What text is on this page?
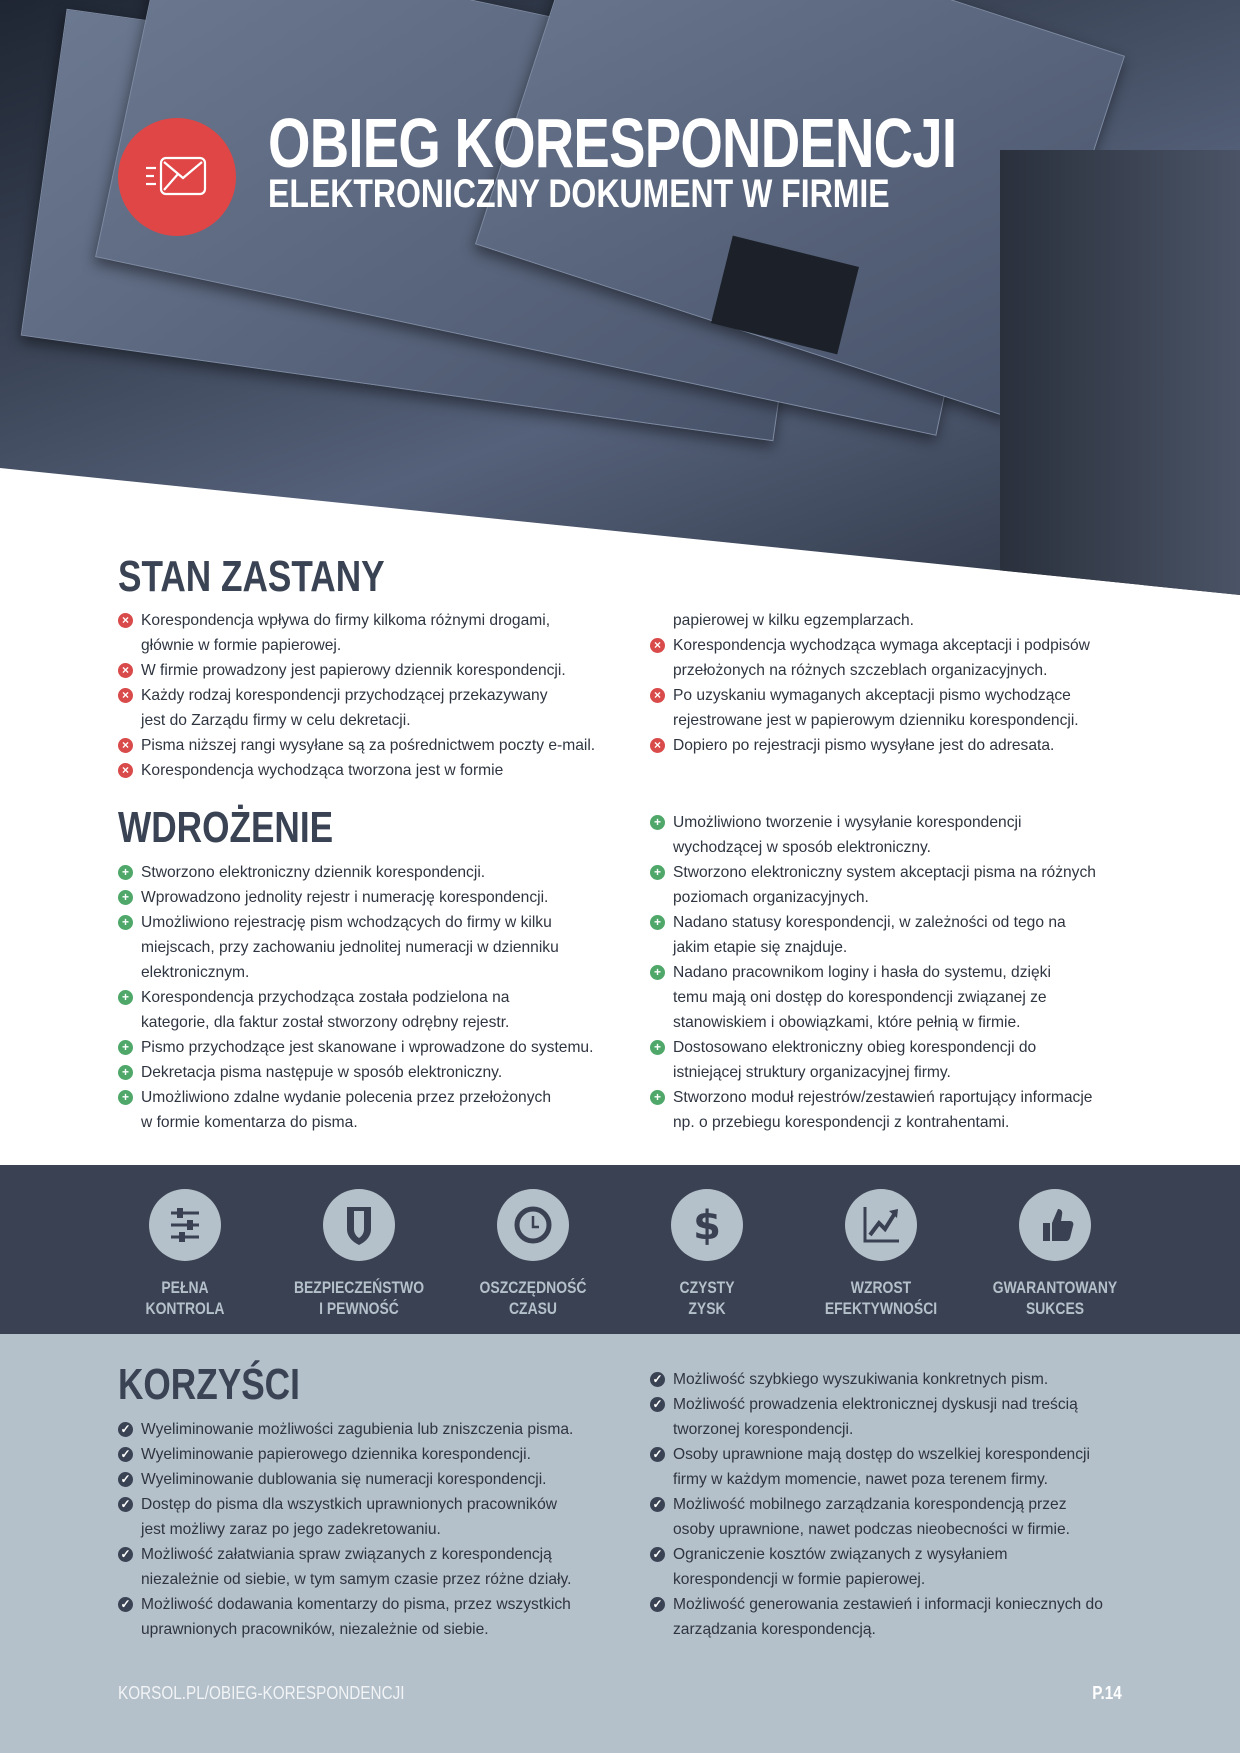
OBIEG KORESPONDENCJI
ELEKTRONICZNY DOKUMENT W FIRMIE
STAN ZASTANY
× Korespondencja wpływa do firmy kilkoma różnymi drogami,
głównie w formie papierowej.
× W firmie prowadzony jest papierowy dziennik korespondencji.
× Każdy rodzaj korespondencji przychodzącej przekazywany
jest do Zarządu firmy w celu dekretacji.
× Pisma niższej rangi wysyłane są za pośrednictwem poczty e-mail.
× Korespondencja wychodząca tworzona jest w formie
papierowej w kilku egzemplarzach.
× Korespondencja wychodząca wymaga akceptacji i podpisów
przełożonych na różnych szczeblach organizacyjnych.
× Po uzyskaniu wymaganych akceptacji pismo wychodzące
rejestrowane jest w papierowym dzienniku korespondencji.
× Dopiero po rejestracji pismo wysyłane jest do adresata.
WDROŻENIE
+ Stworzono elektroniczny dziennik korespondencji.
+ Wprowadzono jednolity rejestr i numerację korespondencji.
+ Umożliwiono rejestrację pism wchodzących do firmy w kilku
miejscach, przy zachowaniu jednolitej numeracji w dzienniku
elektronicznym.
+ Korespondencja przychodząca została podzielona na
kategorie, dla faktur został stworzony odrębny rejestr.
+ Pismo przychodzące jest skanowane i wprowadzone do systemu.
+ Dekretacja pisma następuje w sposób elektroniczny.
+ Umożliwiono zdalne wydanie polecenia przez przełożonych
w formie komentarza do pisma.
+ Umożliwiono tworzenie i wysyłanie korespondencji
wychodzącej w sposób elektroniczny.
+ Stworzono elektroniczny system akceptacji pisma na różnych
poziomach organizacyjnych.
+ Nadano statusy korespondencji, w zależności od tego na
jakim etapie się znajduje.
+ Nadano pracownikom loginy i hasła do systemu, dzięki
temu mają oni dostęp do korespondencji związanej ze
stanowiskiem i obowiązkami, które pełnią w firmie.
+ Dostosowano elektroniczny obieg korespondencji do
istniejącej struktury organizacyjnej firmy.
+ Stworzono moduł rejestrów/zestawień raportujący informacje
np. o przebiegu korespondencji z kontrahentami.
PEŁNA
KONTROLA
BEZPIECZEŃSTWO
I PEWNOŚĆ
OSZCZĘDNOŚĆ
CZASU
$
CZYSTY
ZYSK
WZROST
EFEKTYWNOŚCI
GWARANTOWANY
SUKCES
KORZYŚCI
✓ Wyeliminowanie możliwości zagubienia lub zniszczenia pisma.
✓ Wyeliminowanie papierowego dziennika korespondencji.
✓ Wyeliminowanie dublowania się numeracji korespondencji.
✓ Dostęp do pisma dla wszystkich uprawnionych pracowników
jest możliwy zaraz po jego zadekretowaniu.
✓ Możliwość załatwiania spraw związanych z korespondencją
niezależnie od siebie, w tym samym czasie przez różne działy.
✓ Możliwość dodawania komentarzy do pisma, przez wszystkich
uprawnionych pracowników, niezależnie od siebie.
✓ Możliwość szybkiego wyszukiwania konkretnych pism.
✓ Możliwość prowadzenia elektronicznej dyskusji nad treścią
tworzonej korespondencji.
✓ Osoby uprawnione mają dostęp do wszelkiej korespondencji
firmy w każdym momencie, nawet poza terenem firmy.
✓ Możliwość mobilnego zarządzania korespondencją przez
osoby uprawnione, nawet podczas nieobecności w firmie.
✓ Ograniczenie kosztów związanych z wysyłaniem
korespondencji w formie papierowej.
✓ Możliwość generowania zestawień i informacji koniecznych do
zarządzania korespondencją.
KORSOL.PL/OBIEG-KORESPONDENCJI	P.14
